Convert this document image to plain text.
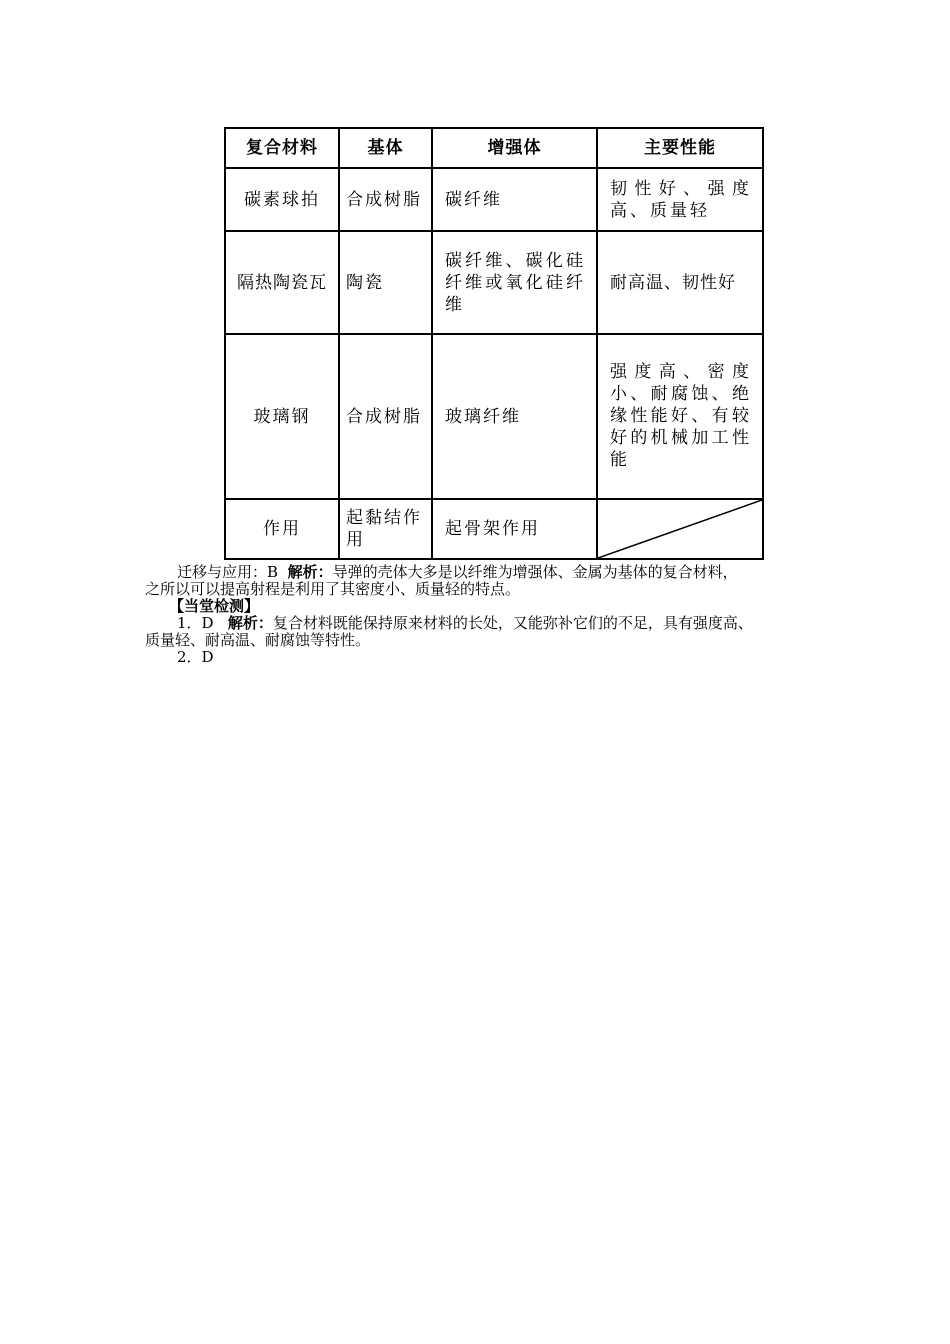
复合材料	基体	增强体	主要性能
碳素球拍	合成树脂	碳纤维	韧性好、强度高、质量轻
隔热陶瓷瓦	陶瓷	碳纤维、碳化硅纤维或氧化硅纤维	耐高温、韧性好
玻璃钢	合成树脂	玻璃纤维	强度高、密度小、耐腐蚀、绝缘性能好、有较好的机械加工性能
作用	起黏结作用	起骨架作用	

迁移与应用：B 解析：导弹的壳体大多是以纤维为增强体、金属为基体的复合材料，

之所以可以提高射程是利用了其密度小、质量轻的特点。

【当堂检测】

1．D 解析：复合材料既能保持原来材料的长处，又能弥补它们的不足，具有强度高、

质量轻、耐高温、耐腐蚀等特性。

2．D
